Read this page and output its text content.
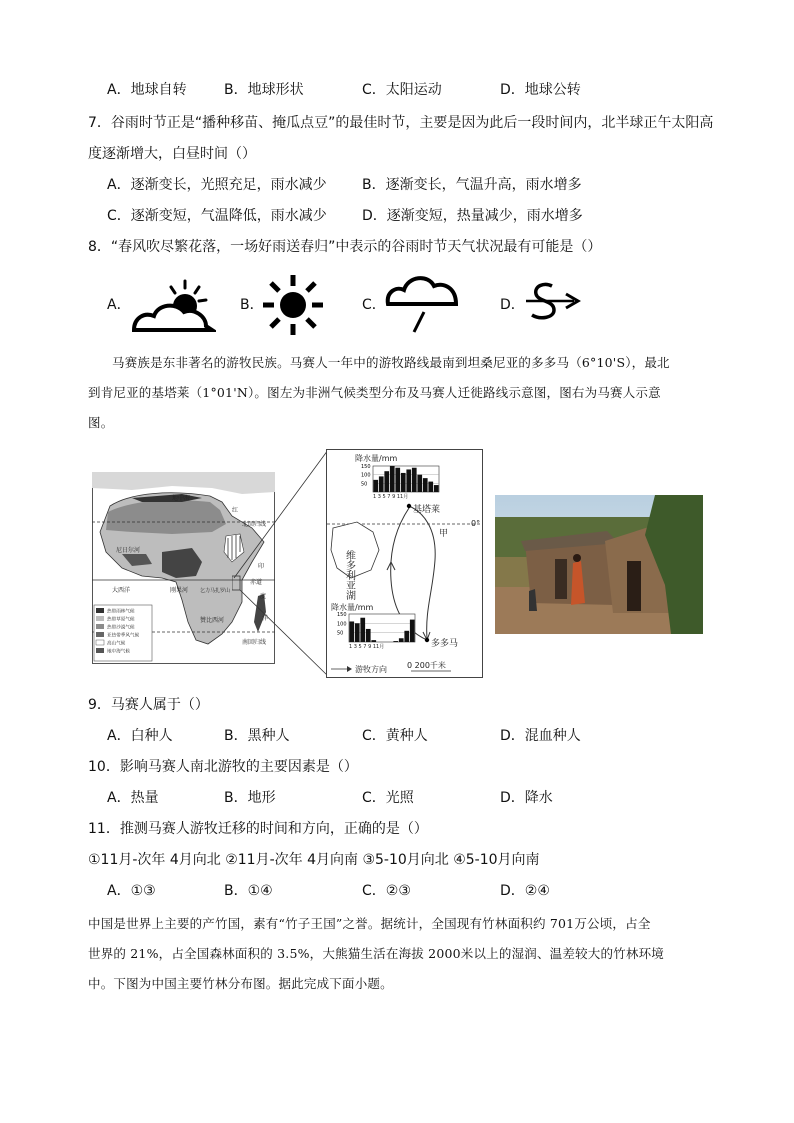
A．地球自转	B．地球形状	C．太阳运动	D．地球公转
7．谷雨时节正是“播种移苗、掩瓜点豆”的最佳时节，主要是因为此后一段时间内，北半球正午太阳高
度逐渐增大，白昼时间（）
A．逐渐变长，光照充足，雨水减少	B．逐渐变长，气温升高，雨水增多
C．逐渐变短，气温降低，雨水减少	D．逐渐变短，热量减少，雨水增多
8．“春风吹尽繁花落，一场好雨送春归”中表示的谷雨时节天气状况最有可能是（）
A．	B．	C．	D．
马赛族是东非著名的游牧民族。马赛人一年中的游牧路线最南到坦桑尼亚的多多马（6°10'S），最北
到肯尼亚的基塔莱（1°01'N）。图左为非洲气候类型分布及马赛人迁徙路线示意图，图右为马赛人示意
图。
热带雨林气候
热带草原气候
热带沙漠气候
亚热带季风气候
高山气候
地中海气候
地中海
北回归线
尼日尔河
大西洋
赤道
刚果河 乞力马扎罗山
赞比西河
南回归线
印
度
洋
红
150
100
50
150
100
50
降水量/mm
降水量/mm
1 3 5 7 9 11月
1 3 5 7 9 11月
基塔莱
多多马
甲
0°
维多利亚湖
游牧方向	0 200千米
9．马赛人属于（）
A．白种人	B．黑种人	C．黄种人	D．混血种人
10．影响马赛人南北游牧的主要因素是（）
A．热量	B．地形	C．光照	D．降水
11．推测马赛人游牧迁移的时间和方向，正确的是（）
①11月-次年 4月向北 ②11月-次年 4月向南 ③5-10月向北 ④5-10月向南
A．①③	B．①④	C．②③	D．②④
中国是世界上主要的产竹国，素有“竹子王国”之誉。据统计，全国现有竹林面积约 701万公顷，占全
世界的 21%，占全国森林面积的 3.5%，大熊猫生活在海拔 2000米以上的湿润、温差较大的竹林环境
中。下图为中国主要竹林分布图。据此完成下面小题。
